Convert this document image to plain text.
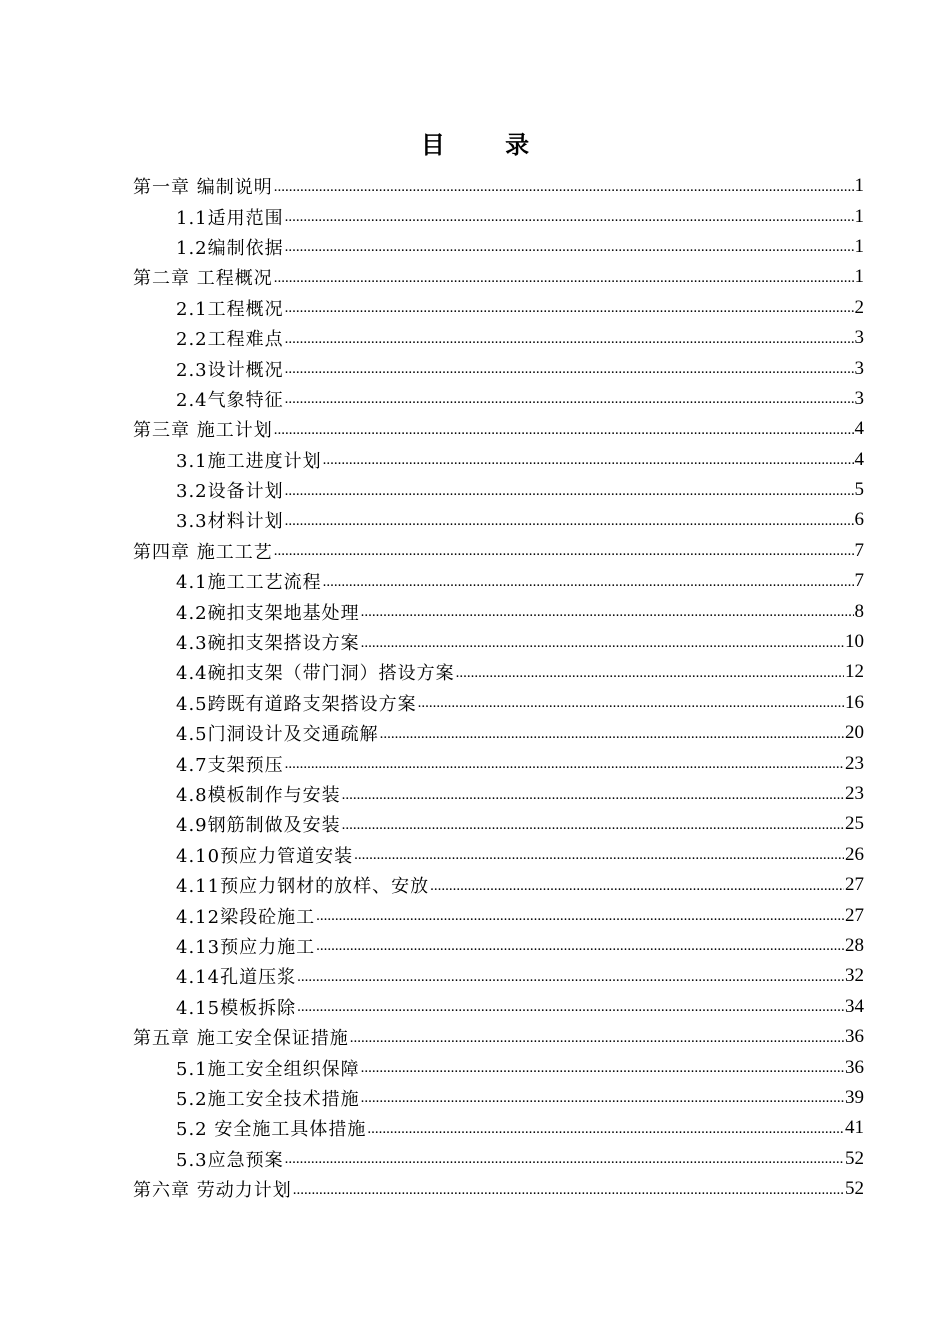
目 录
第一章 编制说明 .....	1
1.1适用范围 .....	1
1.2编制依据 .....	1
第二章 工程概况 .....	1
2.1工程概况 .....	2
2.2工程难点 .....	3
2.3设计概况 .....	3
2.4气象特征 .....	3
第三章 施工计划 .....	4
3.1施工进度计划 .....	4
3.2设备计划 .....	5
3.3材料计划 .....	6
第四章 施工工艺 .....	7
4.1施工工艺流程 .....	7
4.2碗扣支架地基处理 .....	8
4.3碗扣支架搭设方案 .....	10
4.4碗扣支架（带门洞）搭设方案 .....	12
4.5跨既有道路支架搭设方案 .....	16
4.5门洞设计及交通疏解 .....	20
4.7支架预压 .....	23
4.8模板制作与安装 .....	23
4.9钢筋制做及安装 .....	25
4.10预应力管道安装 .....	26
4.11预应力钢材的放样、安放 .....	27
4.12梁段砼施工 .....	27
4.13预应力施工 .....	28
4.14孔道压浆 .....	32
4.15模板拆除 .....	34
第五章 施工安全保证措施 .....	36
5.1施工安全组织保障 .....	36
5.2施工安全技术措施 .....	39
5.2 安全施工具体措施 .....	41
5.3应急预案 .....	52
第六章 劳动力计划 .....	52
